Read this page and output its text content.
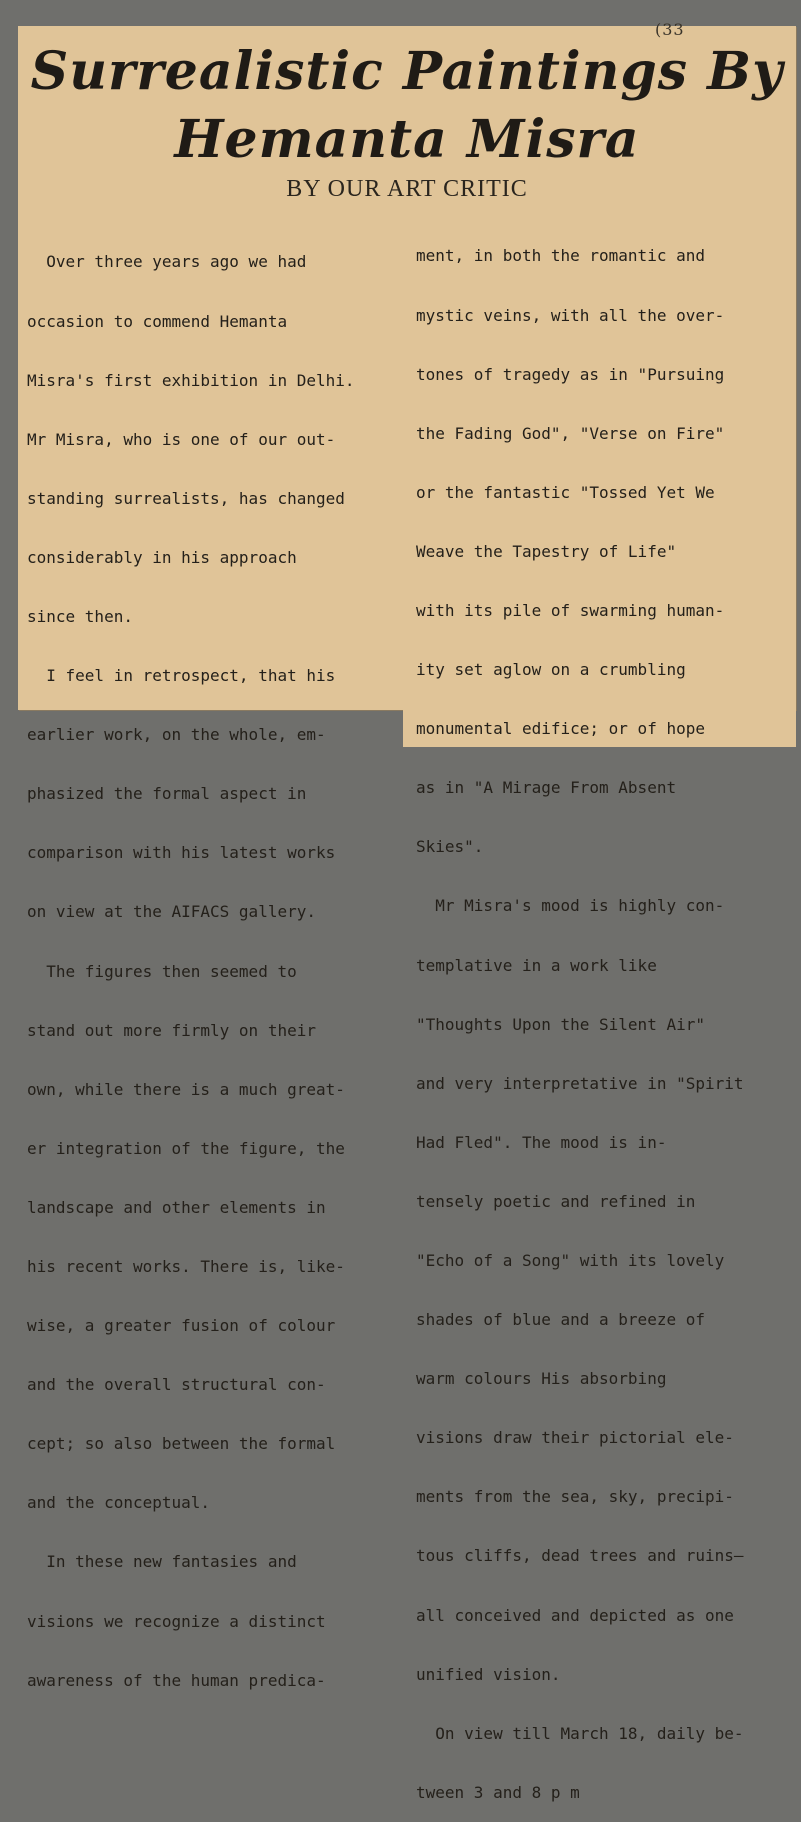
(33
Surrealistic Paintings By
Hemanta Misra
BY OUR ART CRITIC

Over three years ago we had

occasion to commend Hemanta

Misra's first exhibition in Delhi.

Mr Misra, who is one of our out-

standing surrealists, has changed

considerably in his approach

since then.

I feel in retrospect, that his

earlier work, on the whole, em-

phasized the formal aspect in

comparison with his latest works

on view at the AIFACS gallery.

The figures then seemed to

stand out more firmly on their

own, while there is a much great-

er integration of the figure, the

landscape and other elements in

his recent works. There is, like-

wise, a greater fusion of colour

and the overall structural con-

cept; so also between the formal

and the conceptual.

In these new fantasies and

visions we recognize a distinct

awareness of the human predica-

ment, in both the romantic and

mystic veins, with all the over-

tones of tragedy as in "Pursuing

the Fading God", "Verse on Fire"

or the fantastic "Tossed Yet We

Weave the Tapestry of Life"

with its pile of swarming human-

ity set aglow on a crumbling

monumental edifice; or of hope

as in "A Mirage From Absent

Skies".

Mr Misra's mood is highly con-

templative in a work like

"Thoughts Upon the Silent Air"

and very interpretative in "Spirit

Had Fled". The mood is in-

tensely poetic and refined in

"Echo of a Song" with its lovely

shades of blue and a breeze of

warm colours His absorbing

visions draw their pictorial ele-

ments from the sea, sky, precipi-

tous cliffs, dead trees and ruins—

all conceived and depicted as one

unified vision.

On view till March 18, daily be-

tween 3 and 8 p m
